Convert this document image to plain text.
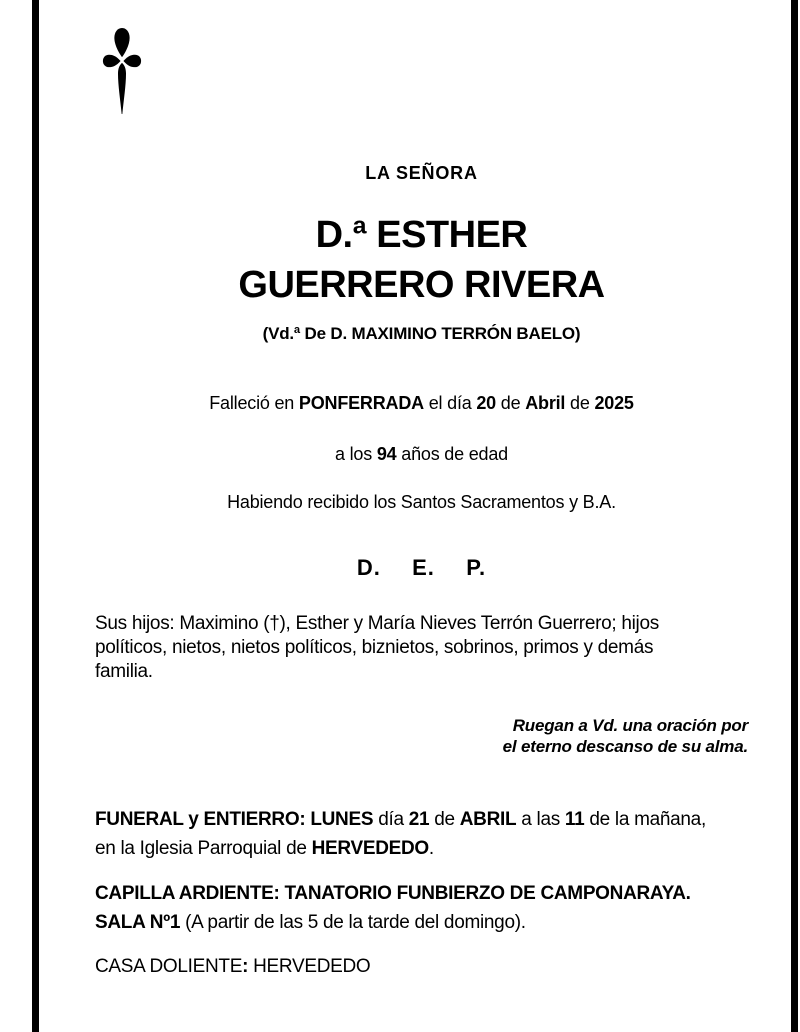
LA SEÑORA
D.ª ESTHER
GUERRERO RIVERA
(Vd.ª De D. MAXIMINO TERRÓN BAELO)
Falleció en PONFERRADA el día 20 de Abril de 2025
a los 94 años de edad
Habiendo recibido los Santos Sacramentos y B.A.
D. E. P.
Sus hijos: Maximino (†), Esther y María Nieves Terrón Guerrero; hijos
políticos, nietos, nietos políticos, biznietos, sobrinos, primos y demás
familia.
Ruegan a Vd. una oración por
el eterno descanso de su alma.
FUNERAL y ENTIERRO: LUNES día 21 de ABRIL a las 11 de la mañana,
en la Iglesia Parroquial de HERVEDEDO.
CAPILLA ARDIENTE: TANATORIO FUNBIERZO DE CAMPONARAYA.
SALA Nº1 (A partir de las 5 de la tarde del domingo).
CASA DOLIENTE: HERVEDEDO
